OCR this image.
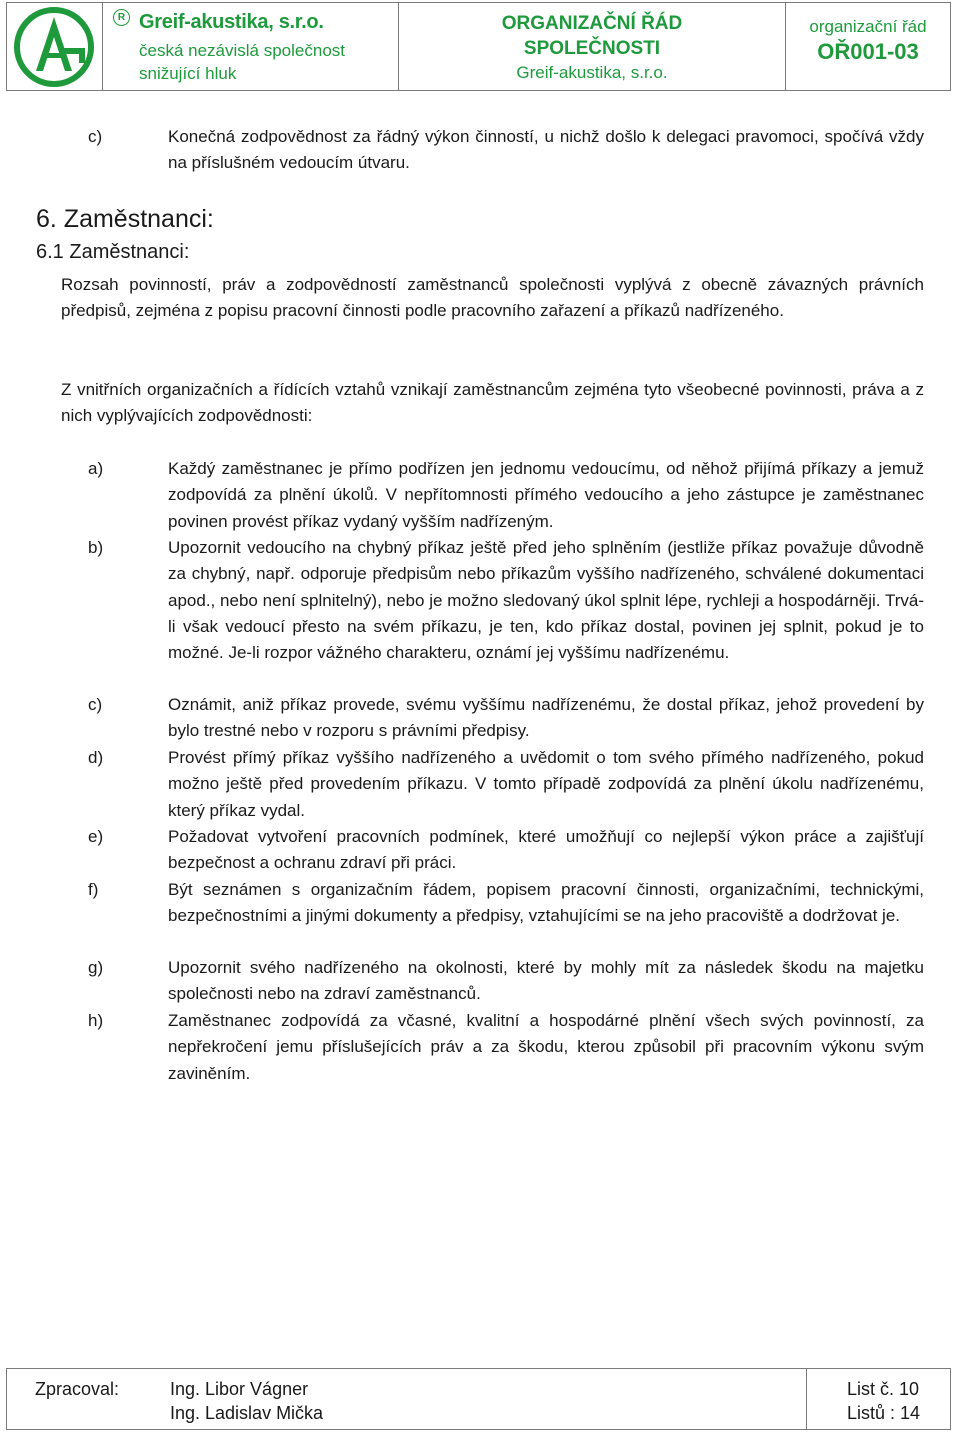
R Greif-akustika, s.r.o.
česká nezávislá společnost
snižující hluk
ORGANIZAČNÍ ŘÁD
SPOLEČNOSTI
Greif-akustika, s.r.o.
organizační řád
OŘ001-03
c)	Konečná zodpovědnost za řádný výkon činností, u nichž došlo k delegaci pravomoci, spočívá vždy na příslušném vedoucím útvaru.
6. Zaměstnanci:
6.1 Zaměstnanci:
Rozsah povinností, práv a zodpovědností zaměstnanců společnosti vyplývá z obecně závazných právních předpisů, zejména z popisu pracovní činnosti podle pracovního zařazení a příkazů nadřízeného.
Z vnitřních organizačních a řídících vztahů vznikají zaměstnancům zejména tyto všeobecné povinnosti, práva a z nich vyplývajících zodpovědnosti:
a)	Každý zaměstnanec je přímo podřízen jen jednomu vedoucímu, od něhož přijímá příkazy a jemuž zodpovídá za plnění úkolů. V nepřítomnosti přímého vedoucího a jeho zástupce je zaměstnanec povinen provést příkaz vydaný vyšším nadřízeným.
b)	Upozornit vedoucího na chybný příkaz ještě před jeho splněním (jestliže příkaz považuje důvodně za chybný, např. odporuje předpisům nebo příkazům vyššího nadřízeného, schválené dokumentaci apod., nebo není splnitelný), nebo je možno sledovaný úkol splnit lépe, rychleji a hospodárněji. Trvá-li však vedoucí přesto na svém příkazu, je ten, kdo příkaz dostal, povinen jej splnit, pokud je to možné. Je-li rozpor vážného charakteru, oznámí jej vyššímu nadřízenému.
c)	Oznámit, aniž příkaz provede, svému vyššímu nadřízenému, že dostal příkaz, jehož provedení by bylo trestné nebo v rozporu s právními předpisy.
d)	Provést přímý příkaz vyššího nadřízeného a uvědomit o tom svého přímého nadřízeného, pokud možno ještě před provedením příkazu. V tomto případě zodpovídá za plnění úkolu nadřízenému, který příkaz vydal.
e)	Požadovat vytvoření pracovních podmínek, které umožňují co nejlepší výkon práce a zajišťují bezpečnost a ochranu zdraví při práci.
f)	Být seznámen s organizačním řádem, popisem pracovní činnosti, organizačními, technickými, bezpečnostními a jinými dokumenty a předpisy, vztahujícími se na jeho pracoviště a dodržovat je.
g)	Upozornit svého nadřízeného na okolnosti, které by mohly mít za následek škodu na majetku společnosti nebo na zdraví zaměstnanců.
h)	Zaměstnanec zodpovídá za včasné, kvalitní a hospodárné plnění všech svých povinností, za nepřekročení jemu příslušejících práv a za škodu, kterou způsobil při pracovním výkonu svým zaviněním.
Zpracoval:	Ing. Libor Vágner
Ing. Ladislav Mička
List č. 10
Listů : 14
